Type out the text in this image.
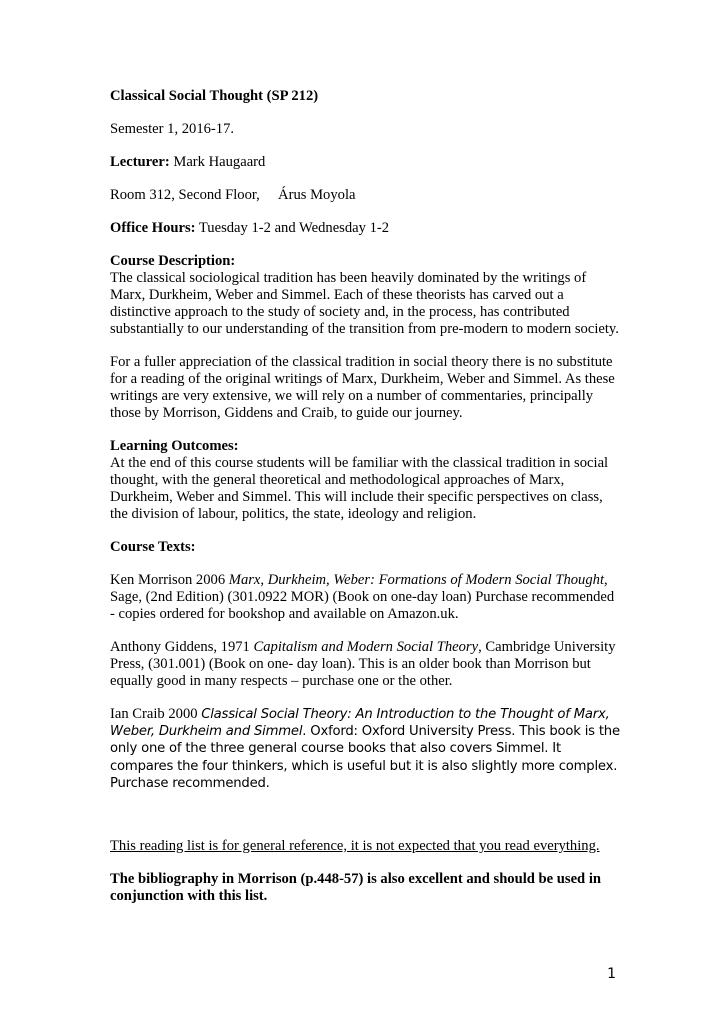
Classical Social Thought (SP 212)

Semester 1, 2016-17.

Lecturer: Mark Haugaard

Room 312, Second Floor,     Árus Moyola

Office Hours: Tuesday 1-2 and Wednesday 1-2

Course Description:

The classical sociological tradition has been heavily dominated by the writings of Marx, Durkheim, Weber and Simmel. Each of these theorists has carved out a distinctive approach to the study of society and, in the process, has contributed substantially to our understanding of the transition from pre-modern to modern society.

For a fuller appreciation of the classical tradition in social theory there is no substitute for a reading of the original writings of Marx, Durkheim, Weber and Simmel. As these writings are very extensive, we will rely on a number of commentaries, principally those by Morrison, Giddens and Craib, to guide our journey.

Learning Outcomes:

At the end of this course students will be familiar with the classical tradition in social thought, with the general theoretical and methodological approaches of Marx, Durkheim, Weber and Simmel. This will include their specific perspectives on class, the division of labour, politics, the state, ideology and religion.

Course Texts:

Ken Morrison 2006 Marx, Durkheim, Weber: Formations of Modern Social Thought, Sage, (2nd Edition) (301.0922 MOR) (Book on one-day loan) Purchase recommended - copies ordered for bookshop and available on Amazon.uk.

Anthony Giddens, 1971 Capitalism and Modern Social Theory, Cambridge University Press, (301.001) (Book on one- day loan). This is an older book than Morrison but equally good in many respects – purchase one or the other.

Ian Craib 2000 Classical Social Theory: An Introduction to the Thought of Marx, Weber, Durkheim and Simmel. Oxford: Oxford University Press. This book is the only one of the three general course books that also covers Simmel. It compares the four thinkers, which is useful but it is also slightly more complex. Purchase recommended.

This reading list is for general reference, it is not expected that you read everything.

The bibliography in Morrison (p.448-57) is also excellent and should be used in conjunction with this list.

1
